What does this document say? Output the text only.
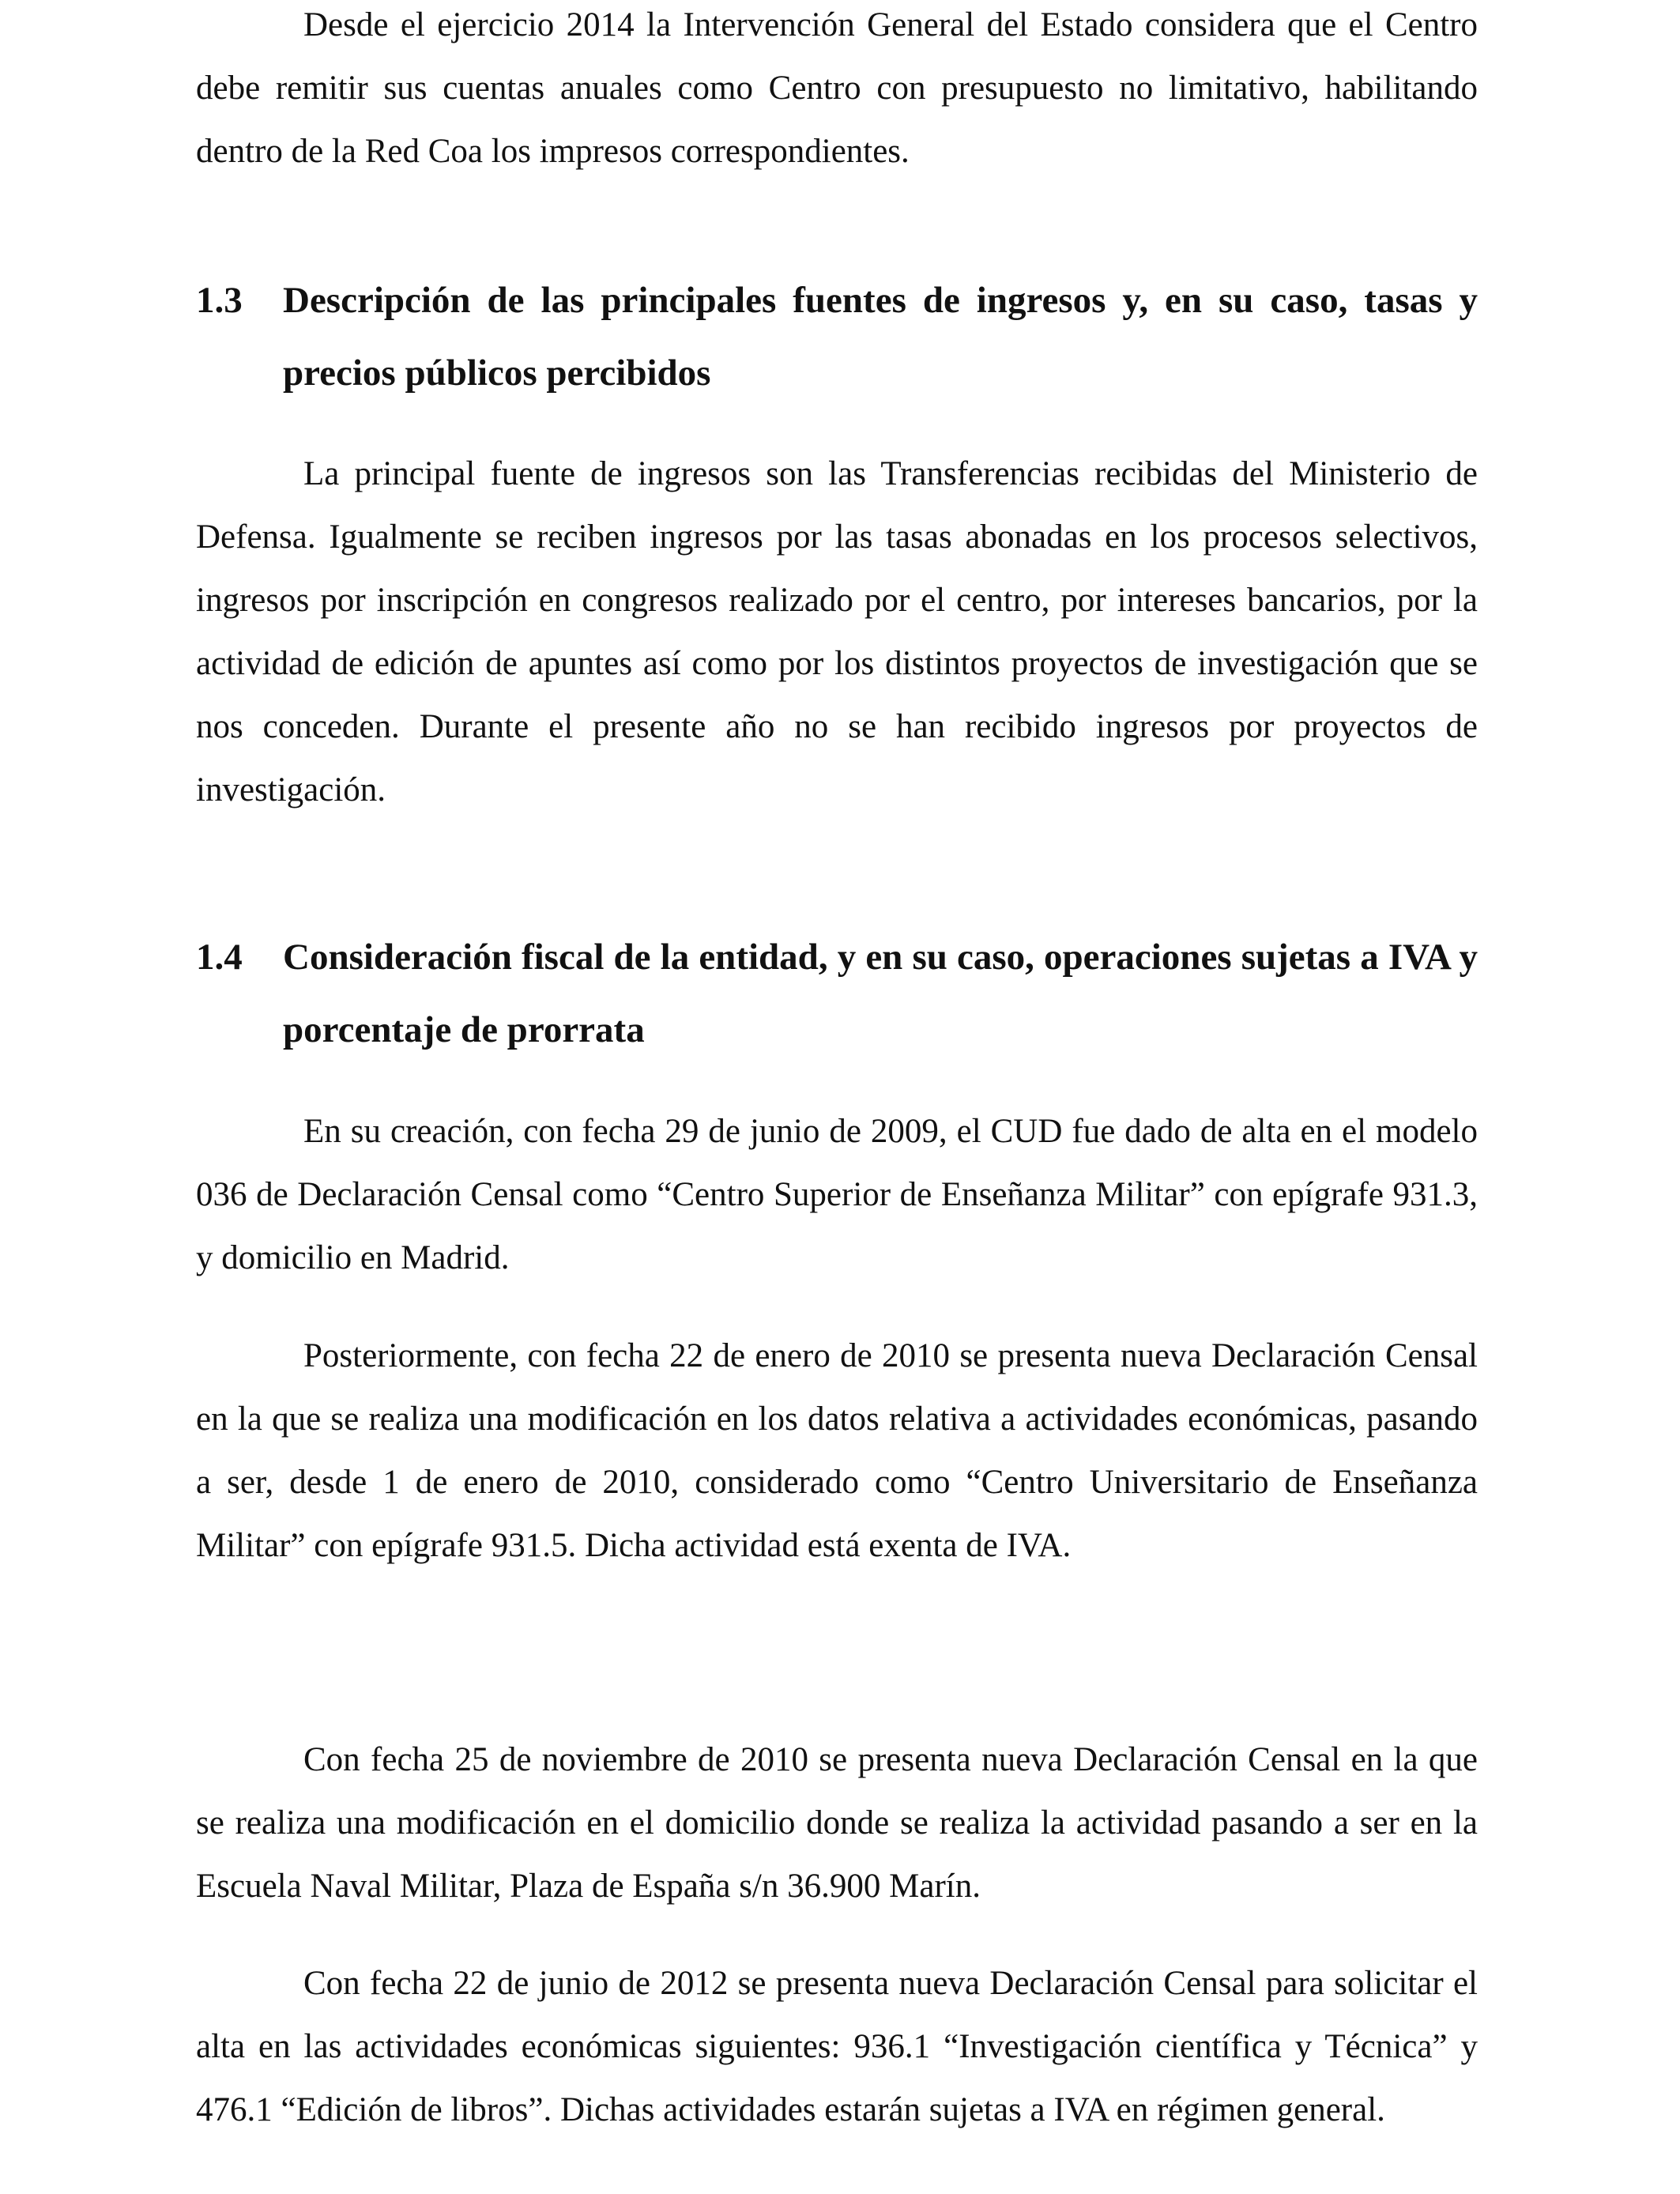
Desde el ejercicio 2014 la Intervención General del Estado considera que el Centro debe remitir sus cuentas anuales como Centro con presupuesto no limitativo, habilitando dentro de la Red Coa los impresos correspondientes.

1.3	Descripción de las principales fuentes de ingresos y, en su caso, tasas y precios públicos percibidos

La principal fuente de ingresos son las Transferencias recibidas del Ministerio de Defensa. Igualmente se reciben ingresos por las tasas abonadas en los procesos selectivos, ingresos por inscripción en congresos realizado por el centro, por intereses bancarios, por la actividad de edición de apuntes así como por los distintos proyectos de investigación que se nos conceden. Durante el presente año no se han recibido ingresos por proyectos de investigación.

1.4	Consideración fiscal de la entidad, y en su caso, operaciones sujetas a IVA y porcentaje de prorrata

En su creación, con fecha 29 de junio de 2009, el CUD fue dado de alta en el modelo 036 de Declaración Censal como “Centro Superior de Enseñanza Militar” con epígrafe 931.3, y domicilio en Madrid.

Posteriormente, con fecha 22 de enero de 2010 se presenta nueva Declaración Censal en la que se realiza una modificación en los datos relativa a actividades económicas, pasando a ser, desde 1 de enero de 2010, considerado como “Centro Universitario de Enseñanza Militar” con epígrafe 931.5. Dicha actividad está exenta de IVA.

Con fecha 25 de noviembre de 2010 se presenta nueva Declaración Censal en la que se realiza una modificación en el domicilio donde se realiza la actividad pasando a ser en la Escuela Naval Militar, Plaza de España s/n 36.900 Marín.

Con fecha 22 de junio de 2012 se presenta nueva Declaración Censal para solicitar el alta en las actividades económicas siguientes: 936.1 “Investigación científica y Técnica” y 476.1 “Edición de libros”. Dichas actividades estarán sujetas a IVA en régimen general.
